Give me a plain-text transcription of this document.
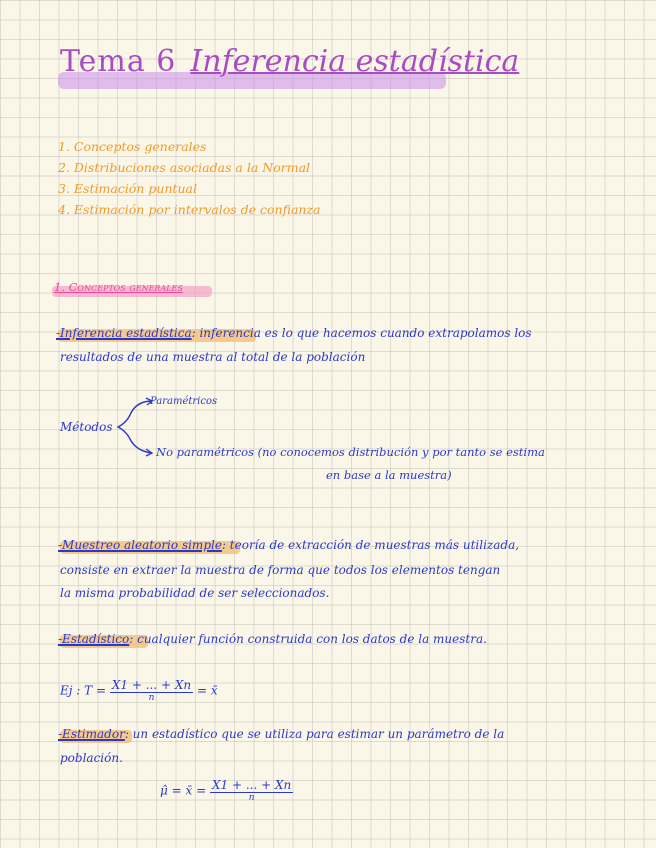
Tema 6 Inferencia estadística
1. Conceptos generales
2. Distribuciones asociadas a la Normal
3. Estimación puntual
4. Estimación por intervalos de confianza
1. Conceptos generales
-Inferencia estadística: inferencia es lo que hacemos cuando extrapolamos los
resultados de una muestra al total de la población
Métodos
Paramétricos
No paramétricos (no conocemos distribución y por tanto se estima
en base a la muestra)
-Muestreo aleatorio simple: teoría de extracción de muestras más utilizada,
consiste en extraer la muestra de forma que todos los elementos tengan
la misma probabilidad de ser seleccionados.
-Estadístico: cualquier función construida con los datos de la muestra.
Ej : $T = \frac{X1 + ... + Xn}{n}$ = x̄
-Estimador: un estadístico que se utiliza para estimar un parámetro de la
población.
μ̂ = x̄ = $\frac{X1 + ... + Xn}{n}$
